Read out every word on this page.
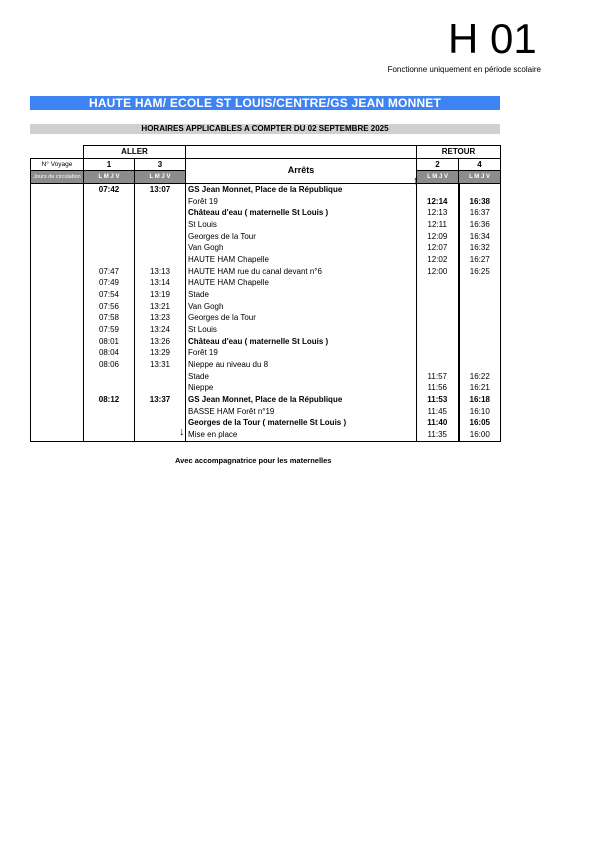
H 01
Fonctionne uniquement en période scolaire
HAUTE HAM/ ECOLE ST LOUIS/CENTRE/GS JEAN MONNET
HORAIRES APPLICABLES A COMPTER DU 02 SEPTEMBRE 2025
	ALLER			RETOUR	
N° Voyage	1	3	Arrêts	2	4
Jours de circulation	L M J V	L M J V		L M J V	L M J V
	07:42	13:07	GS Jean Monnet, Place de la République		
			Forêt 19	12:14	16:38
			Château d'eau ( maternelle St Louis )	12:13	16:37
			St Louis	12:11	16:36
			Georges de la Tour	12:09	16:34
			Van Gogh	12:07	16:32
			HAUTE HAM Chapelle	12:02	16:27
	07:47	13:13	HAUTE HAM rue du canal devant n°6	12:00	16:25
	07:49	13:14	HAUTE HAM Chapelle		
	07:54	13:19	Stade		
	07:56	13:21	Van Gogh		
	07:58	13:23	Georges de la Tour		
	07:59	13:24	St Louis		
	08:01	13:26	Château d'eau ( maternelle St Louis )		
	08:04	13:29	Forêt 19		
	08:06	13:31	Nieppe au niveau du 8		
			Stade	11:57	16:22
			Nieppe	11:56	16:21
	08:12	13:37	GS Jean Monnet, Place de la République	11:53	16:18
			BASSE HAM Forêt n°19	11:45	16:10
			Georges de la Tour ( maternelle St Louis )	11:40	16:05
			Mise en place	11:35	16:00
↑
↓
Avec accompagnatrice pour les maternelles
